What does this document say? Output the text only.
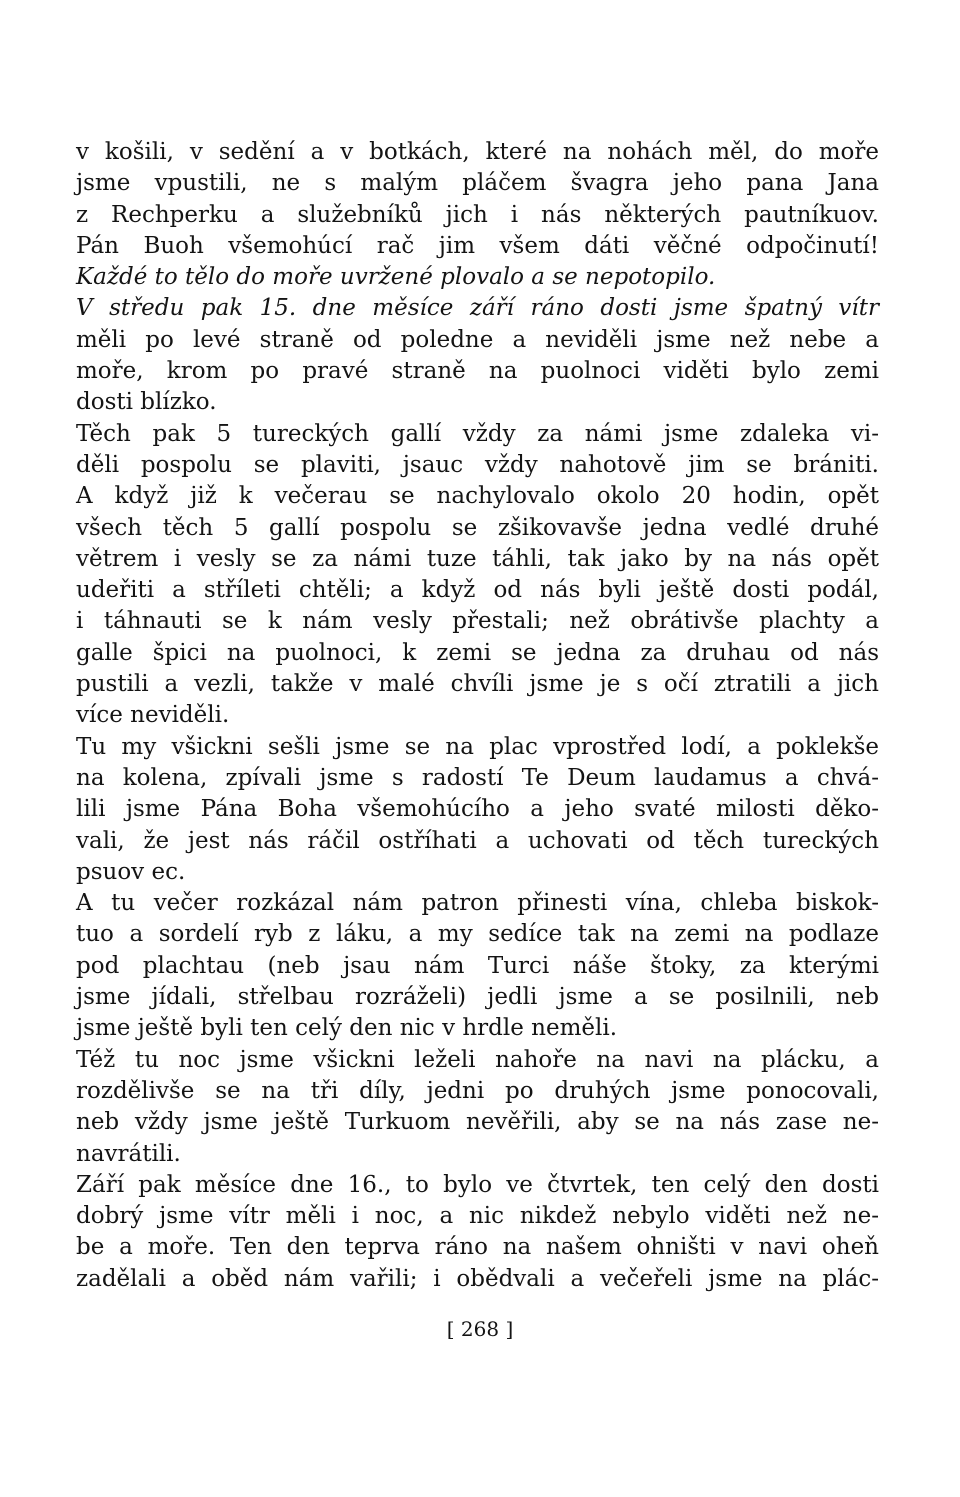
v košili, v sedění a v botkách, které na nohách měl, do moře
jsme vpustili, ne s malým pláčem švagra jeho pana Jana
z Rechperku a služebníků jich i nás některých pautníkuov.
Pán Buoh všemohúcí rač jim všem dáti věčné odpočinutí!
Každé to tělo do moře uvržené plovalo a se nepotopilo.
V středu pak 15. dne měsíce září ráno dosti jsme špatný vítr
měli po levé straně od poledne a neviděli jsme než nebe a
moře, krom po pravé straně na puolnoci viděti bylo zemi
dosti blízko.
Těch pak 5 tureckých gallí vždy za námi jsme zdaleka vi-
děli pospolu se plaviti, jsauc vždy nahotově jim se brániti.
A když již k večerau se nachylovalo okolo 20 hodin, opět
všech těch 5 gallí pospolu se zšikovavše jedna vedlé druhé
větrem i vesly se za námi tuze táhli, tak jako by na nás opět
udeřiti a stříleti chtěli; a když od nás byli ještě dosti podál,
i táhnauti se k nám vesly přestali; než obrátivše plachty a
galle špici na puolnoci, k zemi se jedna za druhau od nás
pustili a vezli, takže v malé chvíli jsme je s očí ztratili a jich
více neviděli.
Tu my všickni sešli jsme se na plac vprostřed lodí, a poklekše
na kolena, zpívali jsme s radostí Te Deum laudamus a chvá-
lili jsme Pána Boha všemohúcího a jeho svaté milosti děko-
vali, že jest nás ráčil ostříhati a uchovati od těch tureckých
psuov ec.
A tu večer rozkázal nám patron přinesti vína, chleba biskok-
tuo a sordelí ryb z láku, a my sedíce tak na zemi na podlaze
pod plachtau (neb jsau nám Turci náše štoky, za kterými
jsme jídali, střelbau rozráželi) jedli jsme a se posilnili, neb
jsme ještě byli ten celý den nic v hrdle neměli.
Též tu noc jsme všickni leželi nahoře na navi na plácku, a
rozdělivše se na tři díly, jedni po druhých jsme ponocovali,
neb vždy jsme ještě Turkuom nevěřili, aby se na nás zase ne-
navrátili.
Září pak měsíce dne 16., to bylo ve čtvrtek, ten celý den dosti
dobrý jsme vítr měli i noc, a nic nikdež nebylo viděti než ne-
be a moře. Ten den teprva ráno na našem ohništi v navi oheň
zadělali a oběd nám vařili; i obědvali a večeřeli jsme na plác-
[ 268 ]
